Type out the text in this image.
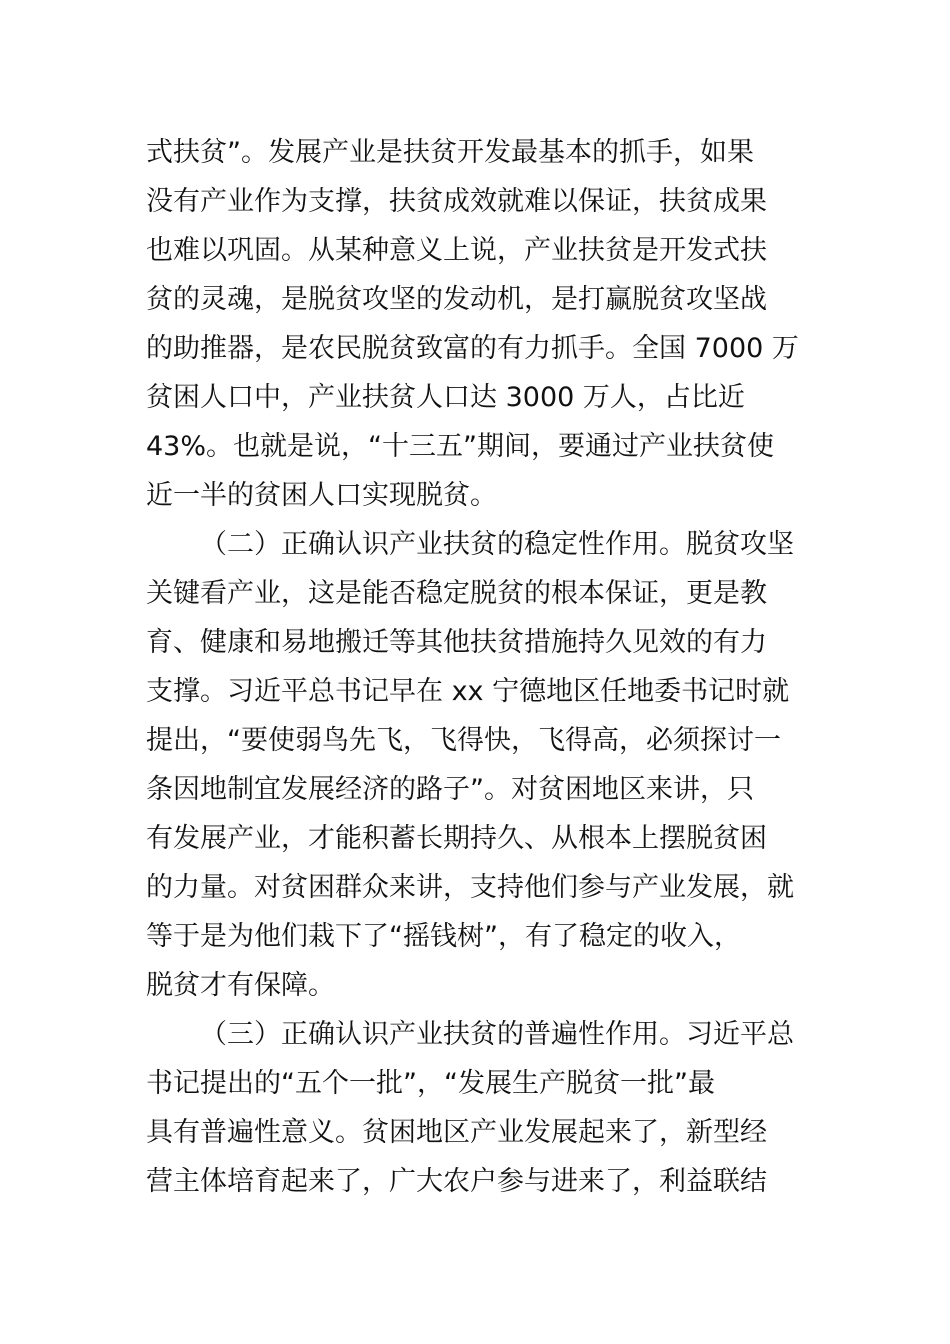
式扶贫”。发展产业是扶贫开发最基本的抓手，如果
没有产业作为支撑，扶贫成效就难以保证，扶贫成果
也难以巩固。从某种意义上说，产业扶贫是开发式扶
贫的灵魂，是脱贫攻坚的发动机，是打赢脱贫攻坚战
的助推器，是农民脱贫致富的有力抓手。全国 7000 万
贫困人口中，产业扶贫人口达 3000 万人，占比近
43%。也就是说，“十三五”期间，要通过产业扶贫使
近一半的贫困人口实现脱贫。
（二）正确认识产业扶贫的稳定性作用。脱贫攻坚
关键看产业，这是能否稳定脱贫的根本保证，更是教
育、健康和易地搬迁等其他扶贫措施持久见效的有力
支撑。习近平总书记早在 xx 宁德地区任地委书记时就
提出，“要使弱鸟先飞，飞得快，飞得高，必须探讨一
条因地制宜发展经济的路子”。对贫困地区来讲，只
有发展产业，才能积蓄长期持久、从根本上摆脱贫困
的力量。对贫困群众来讲，支持他们参与产业发展，就
等于是为他们栽下了“摇钱树”，有了稳定的收入，
脱贫才有保障。
（三）正确认识产业扶贫的普遍性作用。习近平总
书记提出的“五个一批”，“发展生产脱贫一批”最
具有普遍性意义。贫困地区产业发展起来了，新型经
营主体培育起来了，广大农户参与进来了，利益联结
